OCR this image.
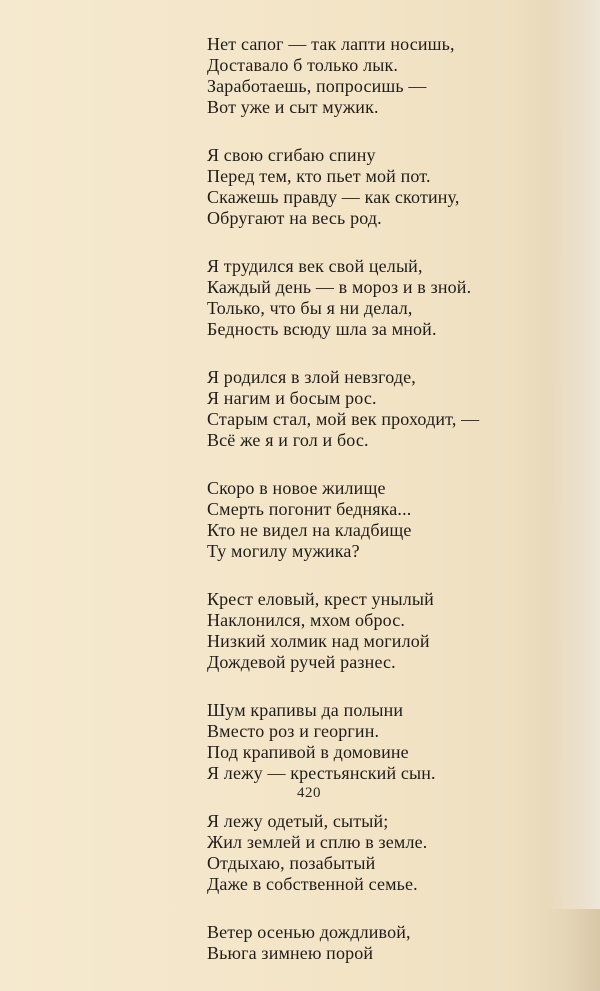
Нет сапог — так лапти носишь,
Доставало б только лык.
Заработаешь, попросишь —
Вот уже и сыт мужик.
Я свою сгибаю спину
Перед тем, кто пьет мой пот.
Скажешь правду — как скотину,
Обругают на весь род.
Я трудился век свой целый,
Каждый день — в мороз и в зной.
Только, что бы я ни делал,
Бедность всюду шла за мной.
Я родился в злой невзгоде,
Я нагим и босым рос.
Старым стал, мой век проходит, —
Всё же я и гол и бос.
Скоро в новое жилище
Смерть погонит бедняка...
Кто не видел на кладбище
Ту могилу мужика?
Крест еловый, крест унылый
Наклонился, мхом оброс.
Низкий холмик над могилой
Дождевой ручей разнес.
Шум крапивы да полыни
Вместо роз и георгин.
Под крапивой в домовине
Я лежу — крестьянский сын.
Я лежу одетый, сытый;
Жил землей и сплю в земле.
Отдыхаю, позабытый
Даже в собственной семье.
Ветер осенью дождливой,
Вьюга зимнею порой
420
